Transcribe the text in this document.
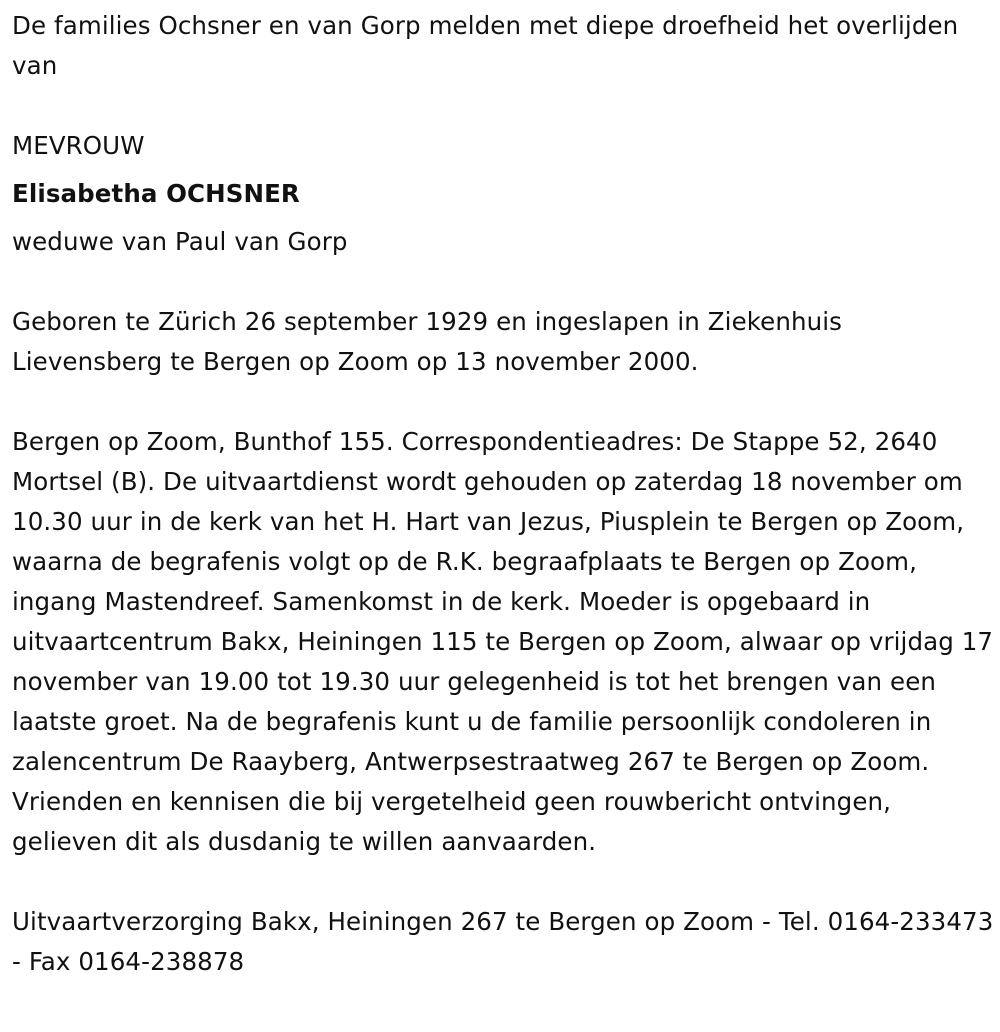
De families Ochsner en van Gorp melden met diepe droefheid het overlijden van

MEVROUW

Elisabetha OCHSNER

weduwe van Paul van Gorp

Geboren te Zürich 26 september 1929 en ingeslapen in Ziekenhuis Lievensberg te Bergen op Zoom op 13 november 2000.

Bergen op Zoom, Bunthof 155. Correspondentieadres: De Stappe 52, 2640 Mortsel (B). De uitvaartdienst wordt gehouden op zaterdag 18 november om 10.30 uur in de kerk van het H. Hart van Jezus, Piusplein te Bergen op Zoom, waarna de begrafenis volgt op de R.K. begraafplaats te Bergen op Zoom, ingang Mastendreef. Samenkomst in de kerk. Moeder is opgebaard in uitvaartcentrum Bakx, Heiningen 115 te Bergen op Zoom, alwaar op vrijdag 17 november van 19.00 tot 19.30 uur gelegenheid is tot het brengen van een laatste groet. Na de begrafenis kunt u de familie persoonlijk condoleren in zalencentrum De Raayberg, Antwerpsestraatweg 267 te Bergen op Zoom. Vrienden en kennisen die bij vergetelheid geen rouwbericht ontvingen, gelieven dit als dusdanig te willen aanvaarden.

Uitvaartverzorging Bakx, Heiningen 267 te Bergen op Zoom - Tel. 0164-233473 - Fax 0164-238878
